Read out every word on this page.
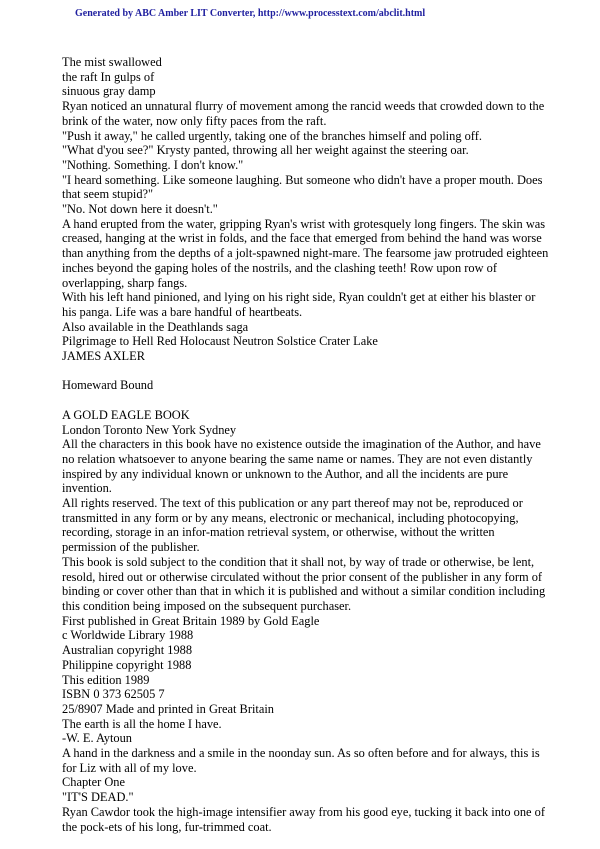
Generated by ABC Amber LIT Converter, http://www.processtext.com/abclit.html

The mist swallowed

the raft In gulps of

sinuous gray damp

Ryan noticed an unnatural flurry of movement among the rancid weeds that crowded down to the brink of the water, now only fifty paces from the raft.

"Push it away," he called urgently, taking one of the branches himself and poling off.

"What d'you see?" Krysty panted, throwing all her weight against the steering oar.

"Nothing. Something. I don't know."

"I heard something. Like someone laughing. But someone who didn't have a proper mouth. Does that seem stupid?"

"No. Not down here it doesn't."

A hand erupted from the water, gripping Ryan's wrist with grotesquely long fingers. The skin was creased, hanging at the wrist in folds, and the face that emerged from behind the hand was worse than anything from the depths of a jolt-spawned night-mare. The fearsome jaw protruded eighteen inches beyond the gaping holes of the nostrils, and the clashing teeth! Row upon row of overlapping, sharp fangs.

With his left hand pinioned, and lying on his right side, Ryan couldn't get at either his blaster or his panga. Life was a bare handful of heartbeats.

Also available in the Deathlands saga

Pilgrimage to Hell Red Holocaust Neutron Solstice Crater Lake

JAMES AXLER

Homeward Bound

A GOLD EAGLE BOOK

London Toronto New York Sydney

All the characters in this book have no existence outside the imagination of the Author, and have no relation whatsoever to anyone bearing the same name or names. They are not even distantly inspired by any individual known or unknown to the Author, and all the incidents are pure invention.

All rights reserved. The text of this publication or any part thereof may not be, reproduced or transmitted in any form or by any means, electronic or mechanical, including photocopying, recording, storage in an infor-mation retrieval system, or otherwise, without the written permission of the publisher.

This book is sold subject to the condition that it shall not, by way of trade or otherwise, be lent, resold, hired out or otherwise circulated without the prior consent of the publisher in any form of binding or cover other than that in which it is published and without a similar condition including this condition being imposed on the subsequent purchaser.

First published in Great Britain 1989 by Gold Eagle

c Worldwide Library 1988

Australian copyright 1988

Philippine copyright 1988

This edition 1989

ISBN 0 373 62505 7

25/8907 Made and printed in Great Britain

The earth is all the home I have.

-W. E. Aytoun

A hand in the darkness and a smile in the noonday sun. As so often before and for always, this is for Liz with all of my love.

Chapter One

"IT'S DEAD."

Ryan Cawdor took the high-image intensifier away from his good eye, tucking it back into one of the pock-ets of his long, fur-trimmed coat.
